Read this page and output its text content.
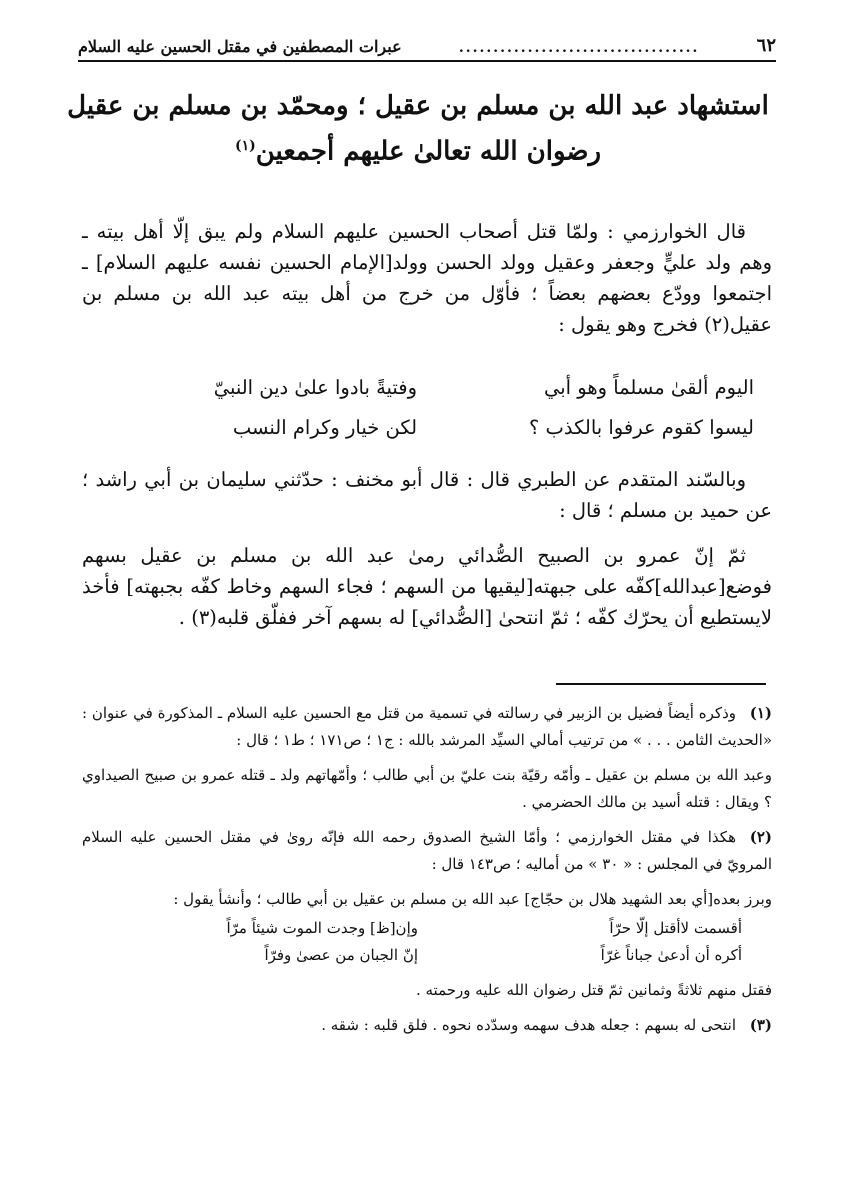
٦٢
...................................
عبرات المصطفين في مقتل الحسين عليه السلام
استشهاد عبد الله بن مسلم بن عقيل ؛ ومحمّد بن مسلم بن عقيل رضوان الله تعالىٰ عليهم أجمعين$^{(١)}$

قال الخوارزمي : ولمّا قتل أصحاب الحسين عليهم السلام ولم يبق إلّا أهل بيته ـ وهم ولد عليٍّ وجعفر وعقيل وولد الحسن وولد[الإمام الحسين نفسه عليهم السلام] ـ اجتمعوا وودّع بعضهم بعضاً ؛ فأوّل من خرج من أهل بيته عبد الله بن مسلم بن عقيل(٢) فخرج وهو يقول :

اليوم ألقىٰ مسلماً وهو أبي
وفتيةً بادوا علىٰ دين النبيّ
ليسوا كقوم عرفوا بالكذب ؟
لكن خيار وكرام النسب

وبالسّند المتقدم عن الطبري قال : قال أبو مخنف : حدّثني سليمان بن أبي راشد ؛ عن حميد بن مسلم ؛ قال :

ثمّ إنّ عمرو بن الصبيح الصُّدائي رمىٰ عبد الله بن مسلم بن عقيل بسهم فوضع[عبدالله]كفّه على جبهته[ليقيها من السهم ؛ فجاء السهم وخاط كفّه بجبهته] فأخذ لايستطيع أن يحرّك كفّه ؛ ثمّ انتحىٰ [الصُّدائي] له بسهم آخر ففلّق قلبه(٣) .

(١)وذكره أيضاً فضيل بن الزبير في رسالته في تسمية من قتل مع الحسين عليه السلام ـ المذكورة في عنوان : «الحديث الثامن . . . » من ترتيب أمالي السيِّد المرشد بالله : ج١ ؛ ص١٧١ ؛ ط١ ؛ قال :

وعبد الله بن مسلم بن عقيل ـ وأمّه رقيّة بنت عليّ بن أبي طالب ؛ وأمّهاتهم ولد ـ قتله عمرو بن صبيح الصيداوي ؟ ويقال : قتله أسيد بن مالك الحضرمي .

(٢)هكذا في مقتل الخوارزمي ؛ وأمّا الشيخ الصدوق رحمه الله فإنّه روىٰ في مقتل الحسين عليه السلام المرويّ في المجلس : « ٣٠ » من أماليه ؛ ص١٤٣ قال :

وبرز بعده[أي بعد الشهيد هلال بن حجّاج] عبد الله بن مسلم بن عقيل بن أبي طالب ؛ وأنشأ يقول :

أقسمت لاأقتل إلّا حرّاً
وإن[ظ] وجدت الموت شيئاً مرّاً
أكره أن أدعىٰ جباناً غرّاً
إنّ الجبان من عصىٰ وفرّاً

فقتل منهم ثلاثةً وثمانين ثمّ قتل رضوان الله عليه ورحمته .

(٣)انتحى له بسهم : جعله هدف سهمه وسدّده نحوه . فلق قلبه : شقه .
